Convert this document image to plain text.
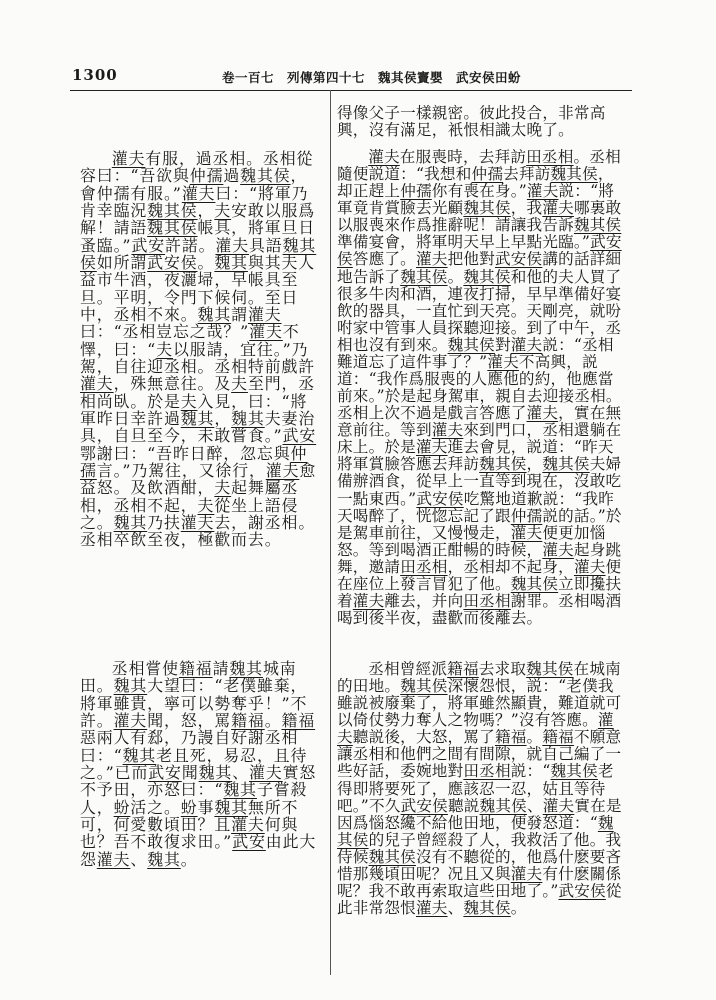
1300	卷一百七　列傳第四十七　魏其侯竇嬰　武安侯田蚡

灌夫有服，過丞相。丞相從容曰：“吾欲與仲孺過魏其侯，會仲孺有服。”灌夫曰：“將軍乃肯幸臨況魏其侯，夫安敢以服爲解！請語魏其侯帳具，將軍旦日蚤臨。”武安許諾。灌夫具語魏其侯如所謂武安侯。魏其與其夫人益市牛酒，夜灑埽，早帳具至旦。平明，令門下候伺。至日中，丞相不來。魏其謂灌夫曰：“丞相豈忘之哉？”灌夫不懌，曰：“夫以服請，宜往。”乃駕，自往迎丞相。丞相特前戲許灌夫，殊無意往。及夫至門，丞相尚臥。於是夫入見，曰：“將軍昨日幸許過魏其，魏其夫妻治具，自旦至今，未敢嘗食。”武安鄂謝曰：“吾昨日醉，忽忘與仲孺言。”乃駕往，又徐行，灌夫愈益怒。及飲酒酣，夫起舞屬丞相，丞相不起，夫從坐上語侵之。魏其乃扶灌夫去，謝丞相。丞相卒飲至夜，極歡而去。

丞相嘗使籍福請魏其城南田。魏其大望曰：“老僕雖棄，將軍雖貴，寧可以勢奪乎！”不許。灌夫聞，怒，罵籍福。籍福惡兩人有郄，乃謾自好謝丞相曰：“魏其老且死，易忍，且待之。”已而武安聞魏其、灌夫實怒不予田，亦怒曰：“魏其子嘗殺人，蚡活之。蚡事魏其無所不可，何愛數頃田？且灌夫何與也？吾不敢復求田。”武安由此大怨灌夫、魏其。

得像父子一樣親密。彼此投合，非常高興，沒有滿足，衹恨相識太晚了。

灌夫在服喪時，去拜訪田丞相。丞相隨便説道：“我想和仲孺去拜訪魏其侯，却正趕上仲孺你有喪在身。”灌夫説：“將軍竟肯賞臉去光顧魏其侯，我灌夫哪裏敢以服喪來作爲推辭呢！請讓我告訴魏其侯準備宴會，將軍明天早上早點光臨。”武安侯答應了。灌夫把他對武安侯講的話詳細地告訴了魏其侯。魏其侯和他的夫人買了很多牛肉和酒，連夜打掃，早早準備好宴飲的器具，一直忙到天亮。天剛亮，就吩咐家中管事人員探聽迎接。到了中午，丞相也沒有到來。魏其侯對灌夫説：“丞相難道忘了這件事了？”灌夫不高興，説道：“我作爲服喪的人應他的約，他應當前來。”於是起身駕車，親自去迎接丞相。丞相上次不過是戲言答應了灌夫，實在無意前往。等到灌夫來到門口，丞相還躺在床上。於是灌夫進去會見，説道：“昨天將軍賞臉答應去拜訪魏其侯，魏其侯夫婦備辦酒食，從早上一直等到現在，沒敢吃一點東西。”武安侯吃驚地道歉説：“我昨天喝醉了，恍惚忘記了跟仲孺説的話。”於是駕車前往，又慢慢走，灌夫便更加惱怒。等到喝酒正酣暢的時候，灌夫起身跳舞，邀請田丞相，丞相却不起身，灌夫便在座位上發言冒犯了他。魏其侯立即攙扶着灌夫離去，并向田丞相謝罪。丞相喝酒喝到後半夜，盡歡而後離去。

丞相曾經派籍福去求取魏其侯在城南的田地。魏其侯深懷怨恨，説：“老僕我雖説被廢棄了，將軍雖然顯貴，難道就可以倚仗勢力奪人之物嗎？”沒有答應。灌夫聽説後，大怒，罵了籍福。籍福不願意讓丞相和他們之間有間隙，就自己編了一些好話，委婉地對田丞相説：“魏其侯老得即將要死了，應該忍一忍，姑且等待吧。”不久武安侯聽説魏其侯、灌夫實在是因爲惱怒纔不給他田地，便發怒道：“魏其侯的兒子曾經殺了人，我救活了他。我侍候魏其侯沒有不聽從的，他爲什麽要吝惜那幾頃田呢？况且又與灌夫有什麽關係呢？我不敢再索取這些田地了。”武安侯從此非常怨恨灌夫、魏其侯。
